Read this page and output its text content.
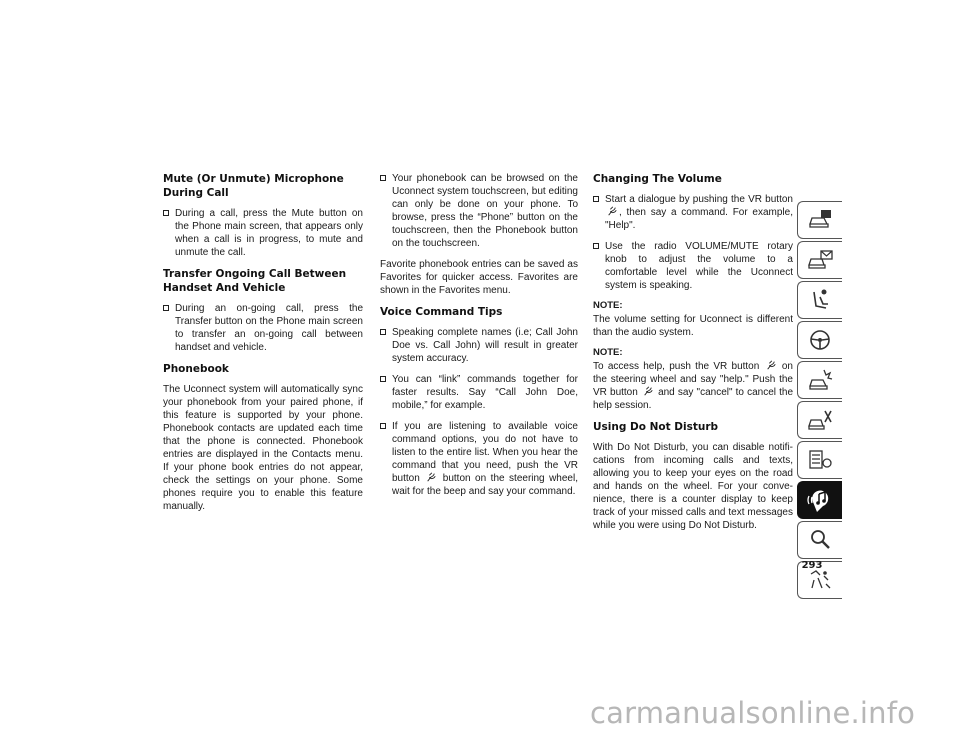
Mute (Or Unmute) Microphone During Call
During a call, press the Mute button on the Phone main screen, that appears only when a call is in progress, to mute and unmute the call.
Transfer Ongoing Call Between Handset And Vehicle
During an on-going call, press the Transfer button on the Phone main screen to transfer an on-going call between handset and vehicle.
Phonebook

The Uconnect system will automatically sync your phonebook from your paired phone, if this feature is supported by your phone. Phonebook contacts are updated each time that the phone is connected. Phonebook entries are displayed in the Contacts menu. If your phone book entries do not appear, check the settings on your phone. Some phones require you to enable this feature manually.

Your phonebook can be browsed on the Uconnect system touchscreen, but editing can only be done on your phone. To browse, press the “Phone” button on the touchscreen, then the Phonebook button on the touchscreen.

Favorite phonebook entries can be saved as Favorites for quicker access. Favorites are shown in the Favorites menu.

Voice Command Tips
Speaking complete names (i.e; Call John Doe vs. Call John) will result in greater system accuracy.
You can “link” commands together for faster results. Say “Call John Doe, mobile,” for example.
If you are listening to available voice command options, you do not have to listen to the entire list. When you hear the command that you need, push the VR button button on the steering wheel, wait for the beep and say your command.
Changing The Volume
Start a dialogue by pushing the VR button , then say a command. For example, "Help".
Use the radio VOLUME/MUTE rotary knob to adjust the volume to a comfortable level while the Uconnect system is speaking.
NOTE:

The volume setting for Uconnect is different than the audio system.

NOTE:

To access help, push the VR button on the steering wheel and say "help." Push the VR button and say "cancel" to cancel the help session.

Using Do Not Disturb

With Do Not Disturb, you can disable notifi-cations from incoming calls and texts, allowing you to keep your eyes on the road and hands on the wheel. For your conve-nience, there is a counter display to keep track of your missed calls and text messages while you were using Do Not Disturb.

293
carmanualsonline.info
